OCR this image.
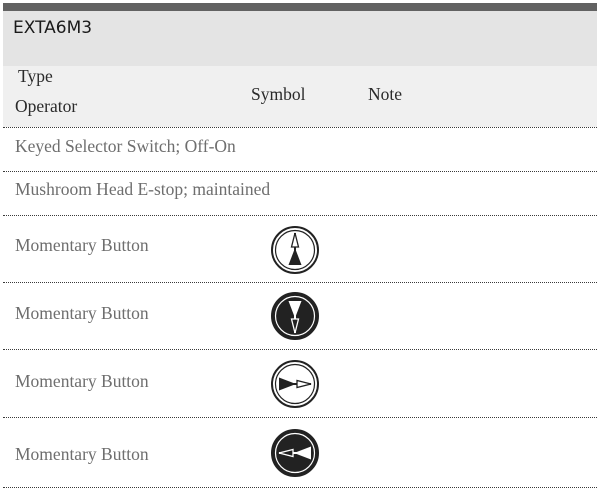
EXTA6M3
Type
Operator
Symbol	Note
Keyed Selector Switch; Off-On
Mushroom Head E-stop; maintained
Momentary Button
Momentary Button
Momentary Button
Momentary Button
